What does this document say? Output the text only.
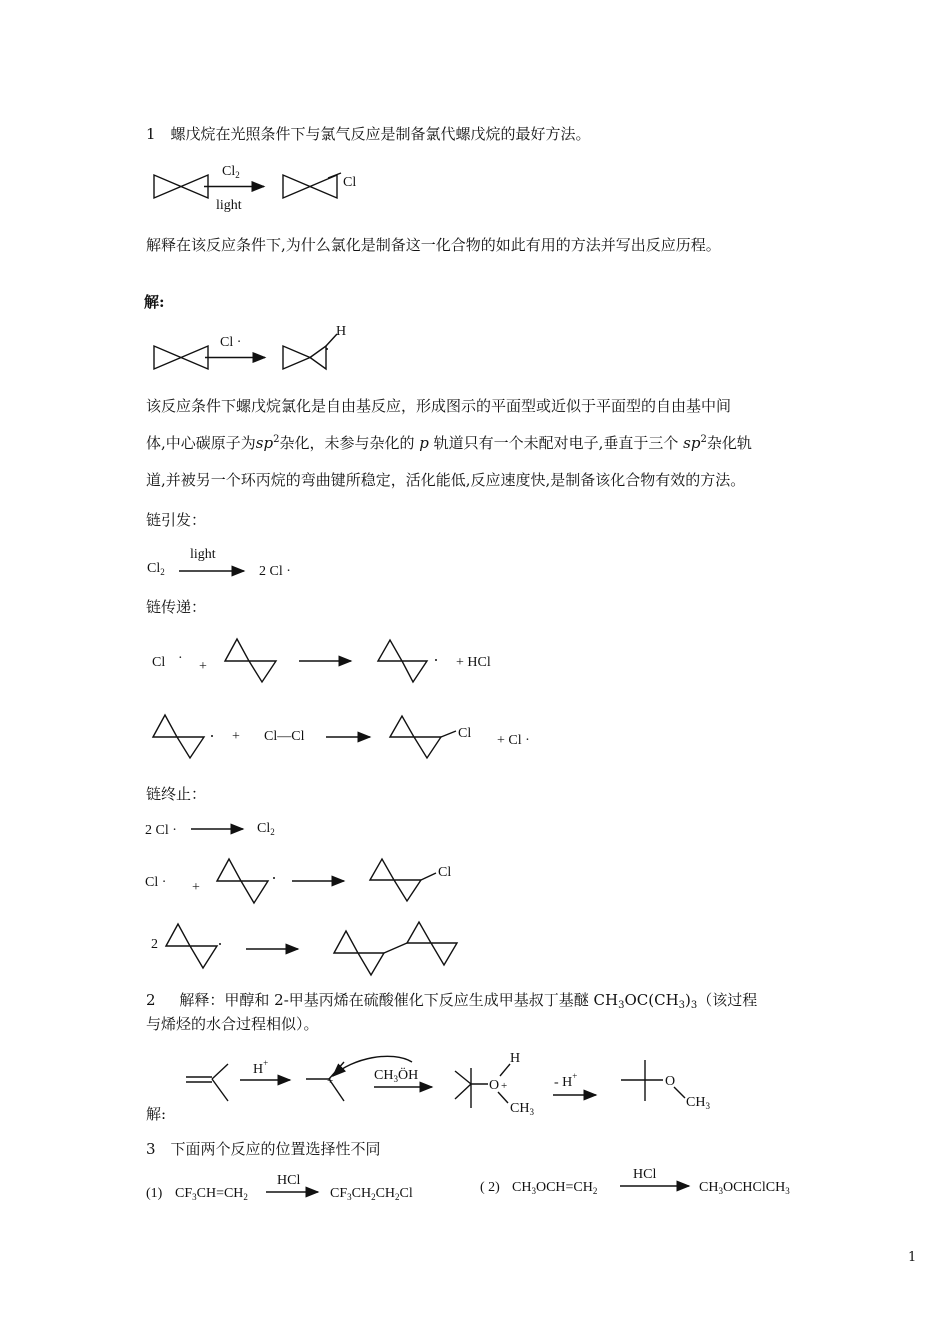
1　螺戊烷在光照条件下与氯气反应是制备氯代螺戊烷的最好方法。
解释在该反应条件下,为什么氯化是制备这一化合物的如此有用的方法并写出反应历程。
解:
该反应条件下螺戊烷氯化是自由基反应，形成图示的平面型或近似于平面型的自由基中间
体,中心碳原子为$sp^2$杂化，未参与杂化的 p 轨道只有一个未配对电子,垂直于三个 $sp^2$杂化轨
道,并被另一个环丙烷的弯曲键所稳定，活化能低,反应速度快,是制备该化合物有效的方法。
链引发：
链传递：
链终止：
2     解释：甲醇和 2-甲基丙烯在硫酸催化下反应生成甲基叔丁基醚 $CH_3OC(CH_3)_3$（该过程
与烯烃的水合过程相似）。
解:
3　下面两个反应的位置选择性不同
1
$Cl_2$
light
Cl
Cl ·
H
$Cl_2$
light
2 Cl ·
Cl ·
+	+ HCl
+ Cl—Cl	Cl + Cl ·
2 Cl ·	$Cl_2$
Cl · +
Cl
2
H+
+	$CH_3ÖH$
O +
H
$CH_3$
- H+	O
$CH_3$
(1) $CF_3CH=CH_2$
HCl
$CF_3CH_2CH_2Cl$	( 2) $CH_3OCH=CH_2$
HCl
$CH_3OCHClCH_3$
